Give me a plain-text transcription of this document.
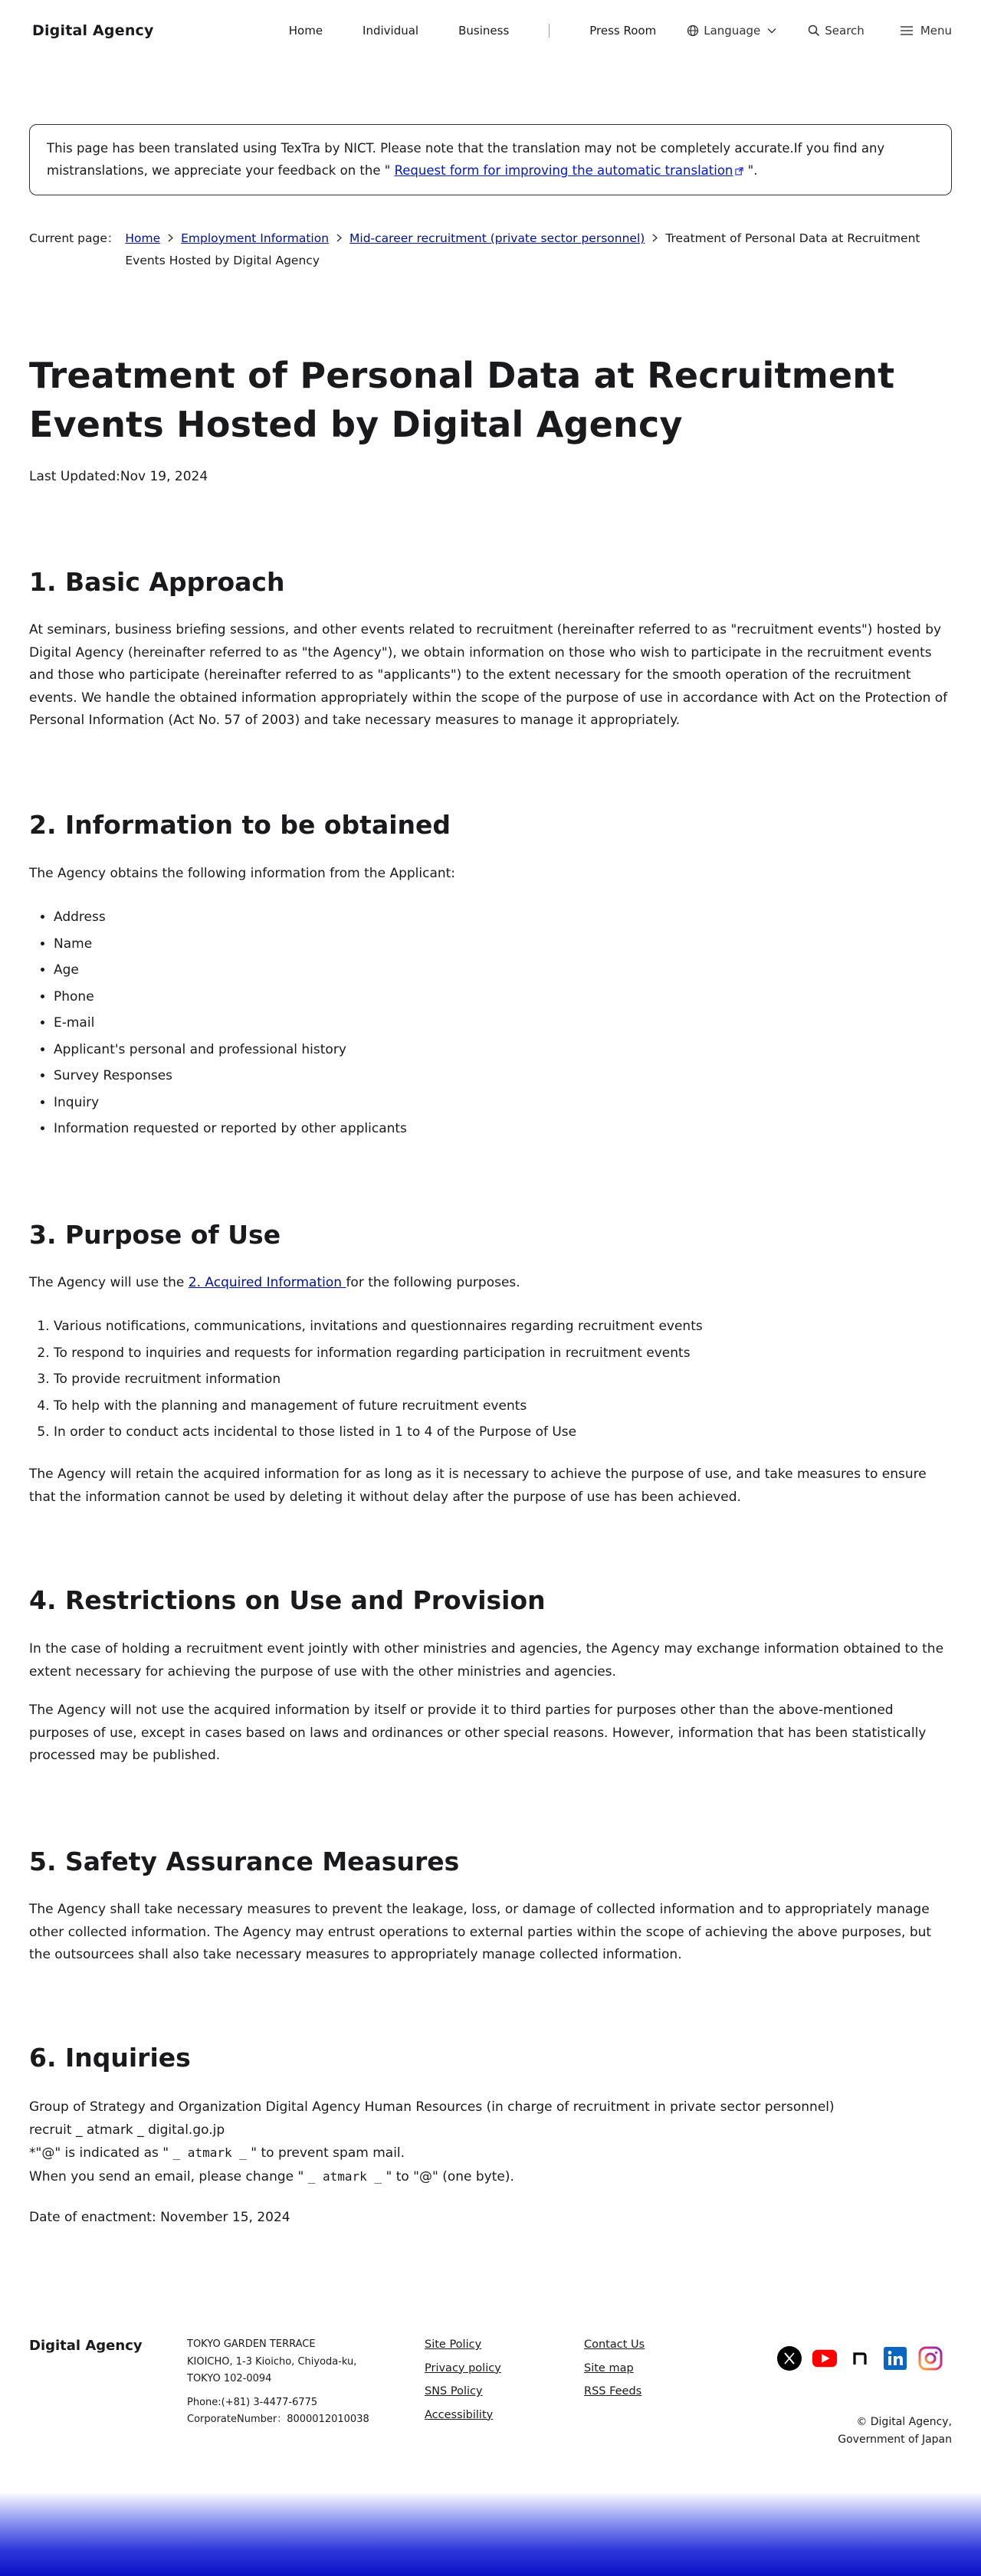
Digital Agency	Home	Individual	Business	Press Room	Language	Search	Menu
This page has been translated using TexTra by NICT. Please note that the translation may not be completely accurate.If you find any mistranslations, we appreciate your feedback on the " Request form for improving the automatic translation ".
Current page： Home Employment Information Mid-career recruitment (private sector personnel) Treatment of Personal Data at Recruitment Events Hosted by Digital Agency
Treatment of Personal Data at Recruitment Events Hosted by Digital Agency
Last Updated:Nov 19, 2024
1. Basic Approach

At seminars, business briefing sessions, and other events related to recruitment (hereinafter referred to as "recruitment events") hosted by Digital Agency (hereinafter referred to as "the Agency"), we obtain information on those who wish to participate in the recruitment events and those who participate (hereinafter referred to as "applicants") to the extent necessary for the smooth operation of the recruitment events. We handle the obtained information appropriately within the scope of the purpose of use in accordance with Act on the Protection of Personal Information (Act No. 57 of 2003) and take necessary measures to manage it appropriately.

2. Information to be obtained

The Agency obtains the following information from the Applicant:

• Address
• Name
• Age
• Phone
• E-mail
• Applicant's personal and professional history
• Survey Responses
• Inquiry
• Information requested or reported by other applicants
3. Purpose of Use

The Agency will use the 2. Acquired Information for the following purposes.

1. Various notifications, communications, invitations and questionnaires regarding recruitment events
2. To respond to inquiries and requests for information regarding participation in recruitment events
3. To provide recruitment information
4. To help with the planning and management of future recruitment events
5. In order to conduct acts incidental to those listed in 1 to 4 of the Purpose of Use

The Agency will retain the acquired information for as long as it is necessary to achieve the purpose of use, and take measures to ensure that the information cannot be used by deleting it without delay after the purpose of use has been achieved.

4. Restrictions on Use and Provision

In the case of holding a recruitment event jointly with other ministries and agencies, the Agency may exchange information obtained to the extent necessary for achieving the purpose of use with the other ministries and agencies.

The Agency will not use the acquired information by itself or provide it to third parties for purposes other than the above-mentioned purposes of use, except in cases based on laws and ordinances or other special reasons. However, information that has been statistically processed may be published.

5. Safety Assurance Measures

The Agency shall take necessary measures to prevent the leakage, loss, or damage of collected information and to appropriately manage other collected information. The Agency may entrust operations to external parties within the scope of achieving the above purposes, but the outsourcees shall also take necessary measures to appropriately manage collected information.

6. Inquiries
Group of Strategy and Organization Digital Agency Human Resources (in charge of recruitment in private sector personnel)
recruit _ atmark _ digital.go.jp
*"@" is indicated as " _ atmark _ " to prevent spam mail.
When you send an email, please change " _ atmark _ " to "@" (one byte).

Date of enactment: November 15, 2024

Digital Agency	TOKYO GARDEN TERRACE
KIOICHO, 1-3 Kioicho, Chiyoda-ku,
TOKYO 102-0094
Phone:(+81) 3-4477-6775
CorporateNumber：8000012010038
Site Policy
Privacy policy
SNS Policy
Accessibility
Contact Us
Site map
RSS Feeds
© Digital Agency,
Government of Japan
